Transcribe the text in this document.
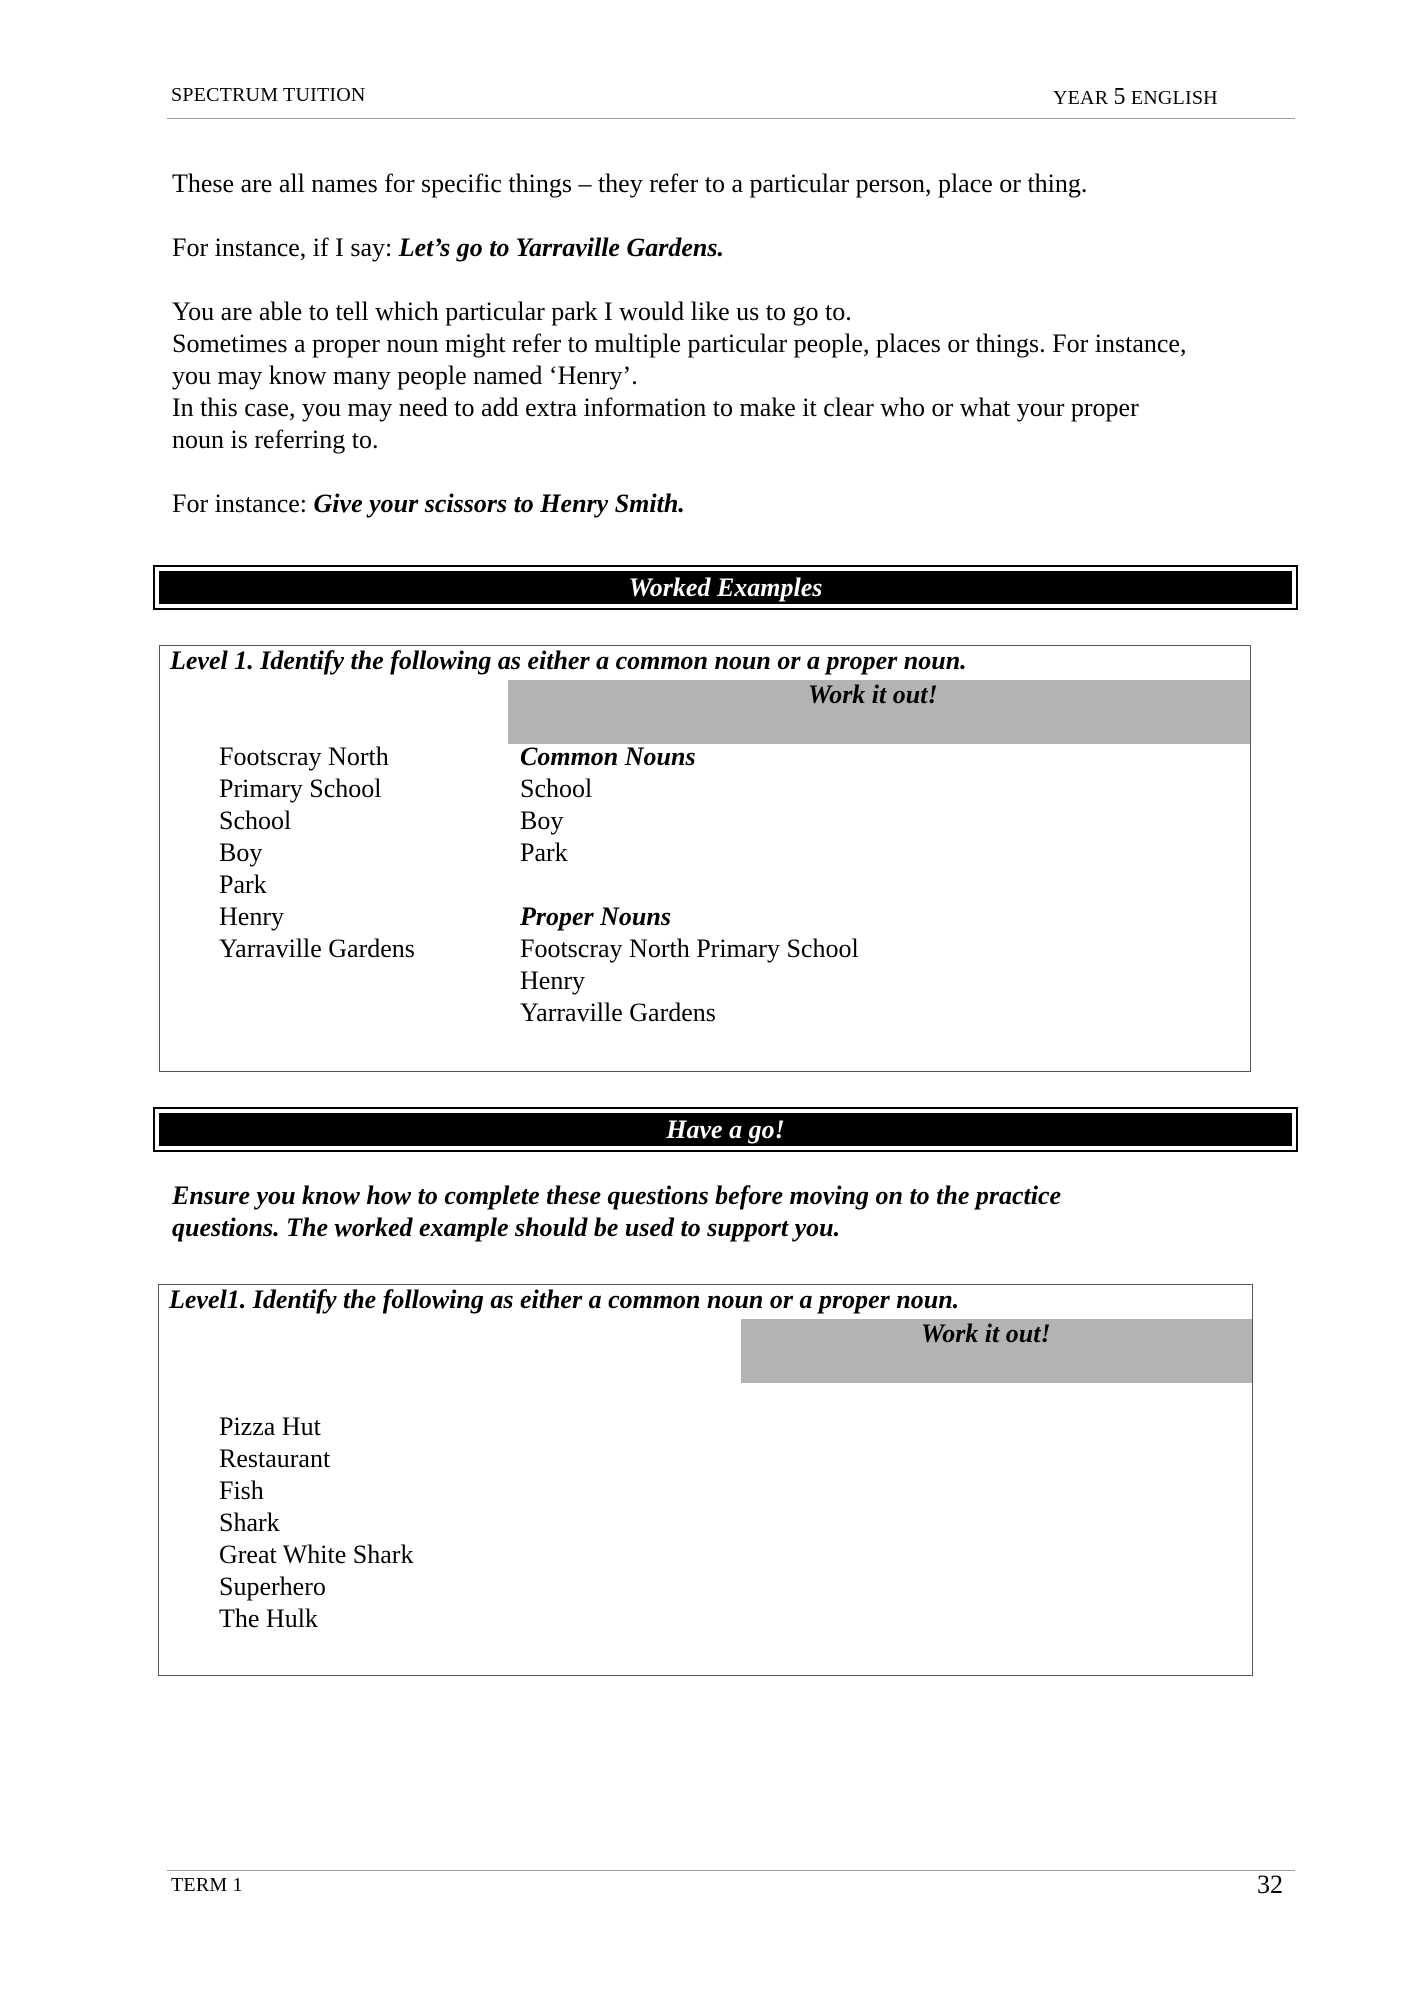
SPECTRUM TUITION	YEAR 5 ENGLISH
These are all names for specific things – they refer to a particular person, place or thing.
For instance, if I say: Let’s go to Yarraville Gardens.
You are able to tell which particular park I would like us to go to.
Sometimes a proper noun might refer to multiple particular people, places or things. For instance,
you may know many people named ‘Henry’.
In this case, you may need to add extra information to make it clear who or what your proper
noun is referring to.
For instance: Give your scissors to Henry Smith.
Worked Examples
Level 1. Identify the following as either a common noun or a proper noun.
Work it out!
Footscray North
Primary School
School
Boy
Park
Henry
Yarraville Gardens
Common Nouns
School
Boy
Park

Proper Nouns
Footscray North Primary School
Henry
Yarraville Gardens
Have a go!
Ensure you know how to complete these questions before moving on to the practice
questions. The worked example should be used to support you.
Level1. Identify the following as either a common noun or a proper noun.
Work it out!
Pizza Hut
Restaurant
Fish
Shark
Great White Shark
Superhero
The Hulk
TERM 1	32
